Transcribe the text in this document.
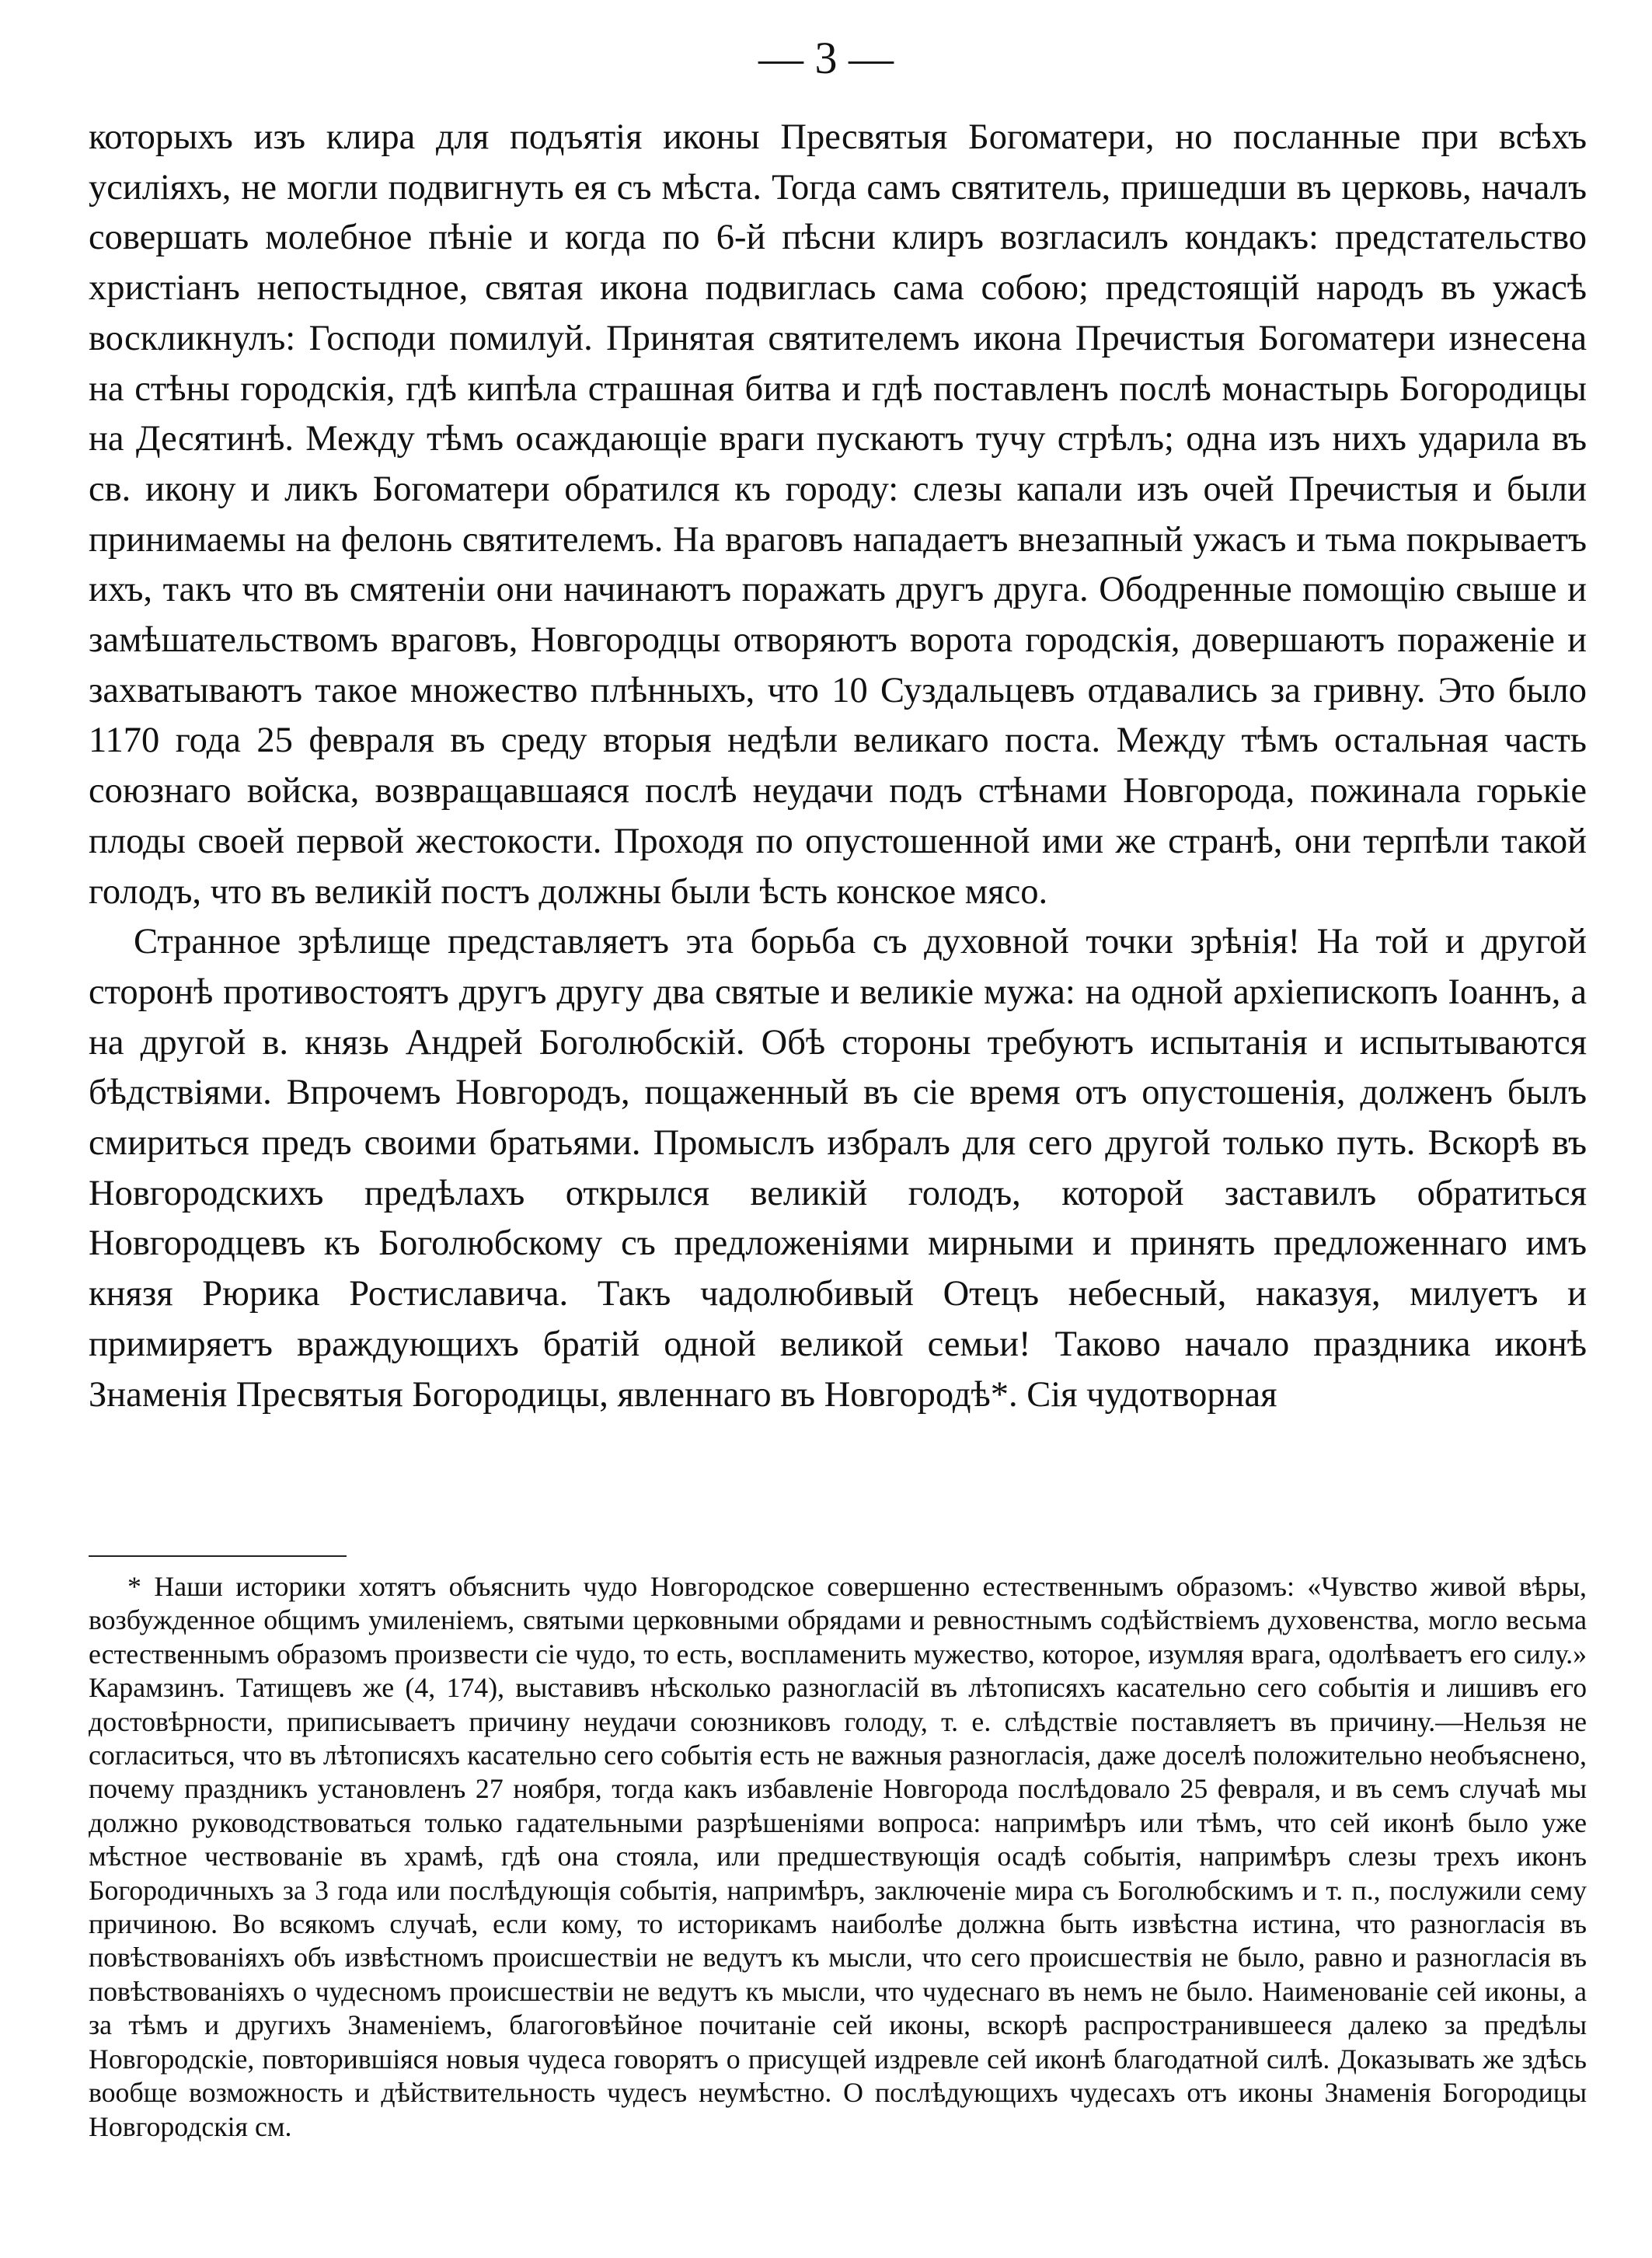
— 3 —

которыхъ изъ клира для подъятія иконы Пресвятыя Богоматери, но посланные при всѣхъ усиліяхъ, не могли подвигнуть ея съ мѣста. Тогда самъ святитель, пришедши въ церковь, началъ совершать молебное пѣніе и когда по 6-й пѣсни клиръ возгласилъ кондакъ: предстательство христіанъ непостыдное, святая икона подвиглась сама собою; предстоящій народъ въ ужасѣ воскликнулъ: Господи помилуй. Принятая святителемъ икона Пречистыя Богоматери изнесена на стѣны городскія, гдѣ кипѣла страшная битва и гдѣ поставленъ послѣ монастырь Богородицы на Десятинѣ. Между тѣмъ осаждающіе враги пускаютъ тучу стрѣлъ; одна изъ нихъ ударила въ св. икону и ликъ Богоматери обратился къ городу: слезы капали изъ очей Пречистыя и были принимаемы на фелонь святителемъ. На враговъ нападаетъ внезапный ужасъ и тьма покрываетъ ихъ, такъ что въ смятеніи они начинаютъ поражать другъ друга. Ободренные помощію свыше и замѣшательствомъ враговъ, Новгородцы отворяютъ ворота городскія, довершаютъ пораженіе и захватываютъ такое множество плѣнныхъ, что 10 Суздальцевъ отдавались за гривну. Это было 1170 года 25 февраля въ среду вторыя недѣли великаго поста. Между тѣмъ остальная часть союзнаго войска, возвращавшаяся послѣ неудачи подъ стѣнами Новгорода, пожинала горькіе плоды своей первой жестокости. Проходя по опустошенной ими же странѣ, они терпѣли такой голодъ, что въ великій постъ должны были ѣсть конское мясо.

Странное зрѣлище представляетъ эта борьба съ духовной точки зрѣнія! На той и другой сторонѣ противостоятъ другъ другу два святые и великіе мужа: на одной архіепископъ Іоаннъ, а на другой в. князь Андрей Боголюбскій. Обѣ стороны требуютъ испытанія и испытываются бѣдствіями. Впрочемъ Новгородъ, пощаженный въ сіе время отъ опустошенія, долженъ былъ смириться предъ своими братьями. Промыслъ избралъ для сего другой только путь. Вскорѣ въ Новгородскихъ предѣлахъ открылся великій голодъ, которой заставилъ обратиться Новгородцевъ къ Боголюбскому съ предложеніями мирными и принять предложеннаго имъ князя Рюрика Ростиславича. Такъ чадолюбивый Отецъ небесный, наказуя, милуетъ и примиряетъ враждующихъ братій одной великой семьи! Таково начало праздника иконѣ Знаменія Пресвятыя Богородицы, явленнаго въ Новгородѣ*. Сія чудотворная

* Наши историки хотятъ объяснить чудо Новгородское совершенно естественнымъ образомъ: «Чувство живой вѣры, возбужденное общимъ умиленіемъ, святыми церковными обрядами и ревностнымъ содѣйствіемъ духовенства, могло весьма естественнымъ образомъ произвести сіе чудо, то есть, воспламенить мужество, которое, изумляя врага, одолѣваетъ его силу.» Карамзинъ. Татищевъ же (4, 174), выставивъ нѣсколько разногласій въ лѣтописяхъ касательно сего событія и лишивъ его достовѣрности, приписываетъ причину неудачи союзниковъ голоду, т. е. слѣдствіе поставляетъ въ причину.—Нельзя не согласиться, что въ лѣтописяхъ касательно сего событія есть не важныя разногласія, даже доселѣ положительно необъяснено, почему праздникъ установленъ 27 ноября, тогда какъ избавленіе Новгорода послѣдовало 25 февраля, и въ семъ случаѣ мы должно руководствоваться только гадательными разрѣшеніями вопроса: напримѣръ или тѣмъ, что сей иконѣ было уже мѣстное чествованіе въ храмѣ, гдѣ она стояла, или предшествующія осадѣ событія, напримѣръ слезы трехъ иконъ Богородичныхъ за 3 года или послѣдующія событія, напримѣръ, заключеніе мира съ Боголюбскимъ и т. п., послужили сему причиною. Во всякомъ случаѣ, если кому, то историкамъ наиболѣе должна быть извѣстна истина, что разногласія въ повѣствованіяхъ объ извѣстномъ происшествіи не ведутъ къ мысли, что сего происшествія не было, равно и разногласія въ повѣствованіяхъ о чудесномъ происшествіи не ведутъ къ мысли, что чудеснаго въ немъ не было. Наименованіе сей иконы, а за тѣмъ и другихъ Знаменіемъ, благоговѣйное почитаніе сей иконы, вскорѣ распространившееся далеко за предѣлы Новгородскіе, повторившіяся новыя чудеса говорятъ о присущей издревле сей иконѣ благодатной силѣ. Доказывать же здѣсь вообще возможность и дѣйствительность чудесъ неумѣстно. О послѣдующихъ чудесахъ отъ иконы Знаменія Богородицы Новгородскія см.
